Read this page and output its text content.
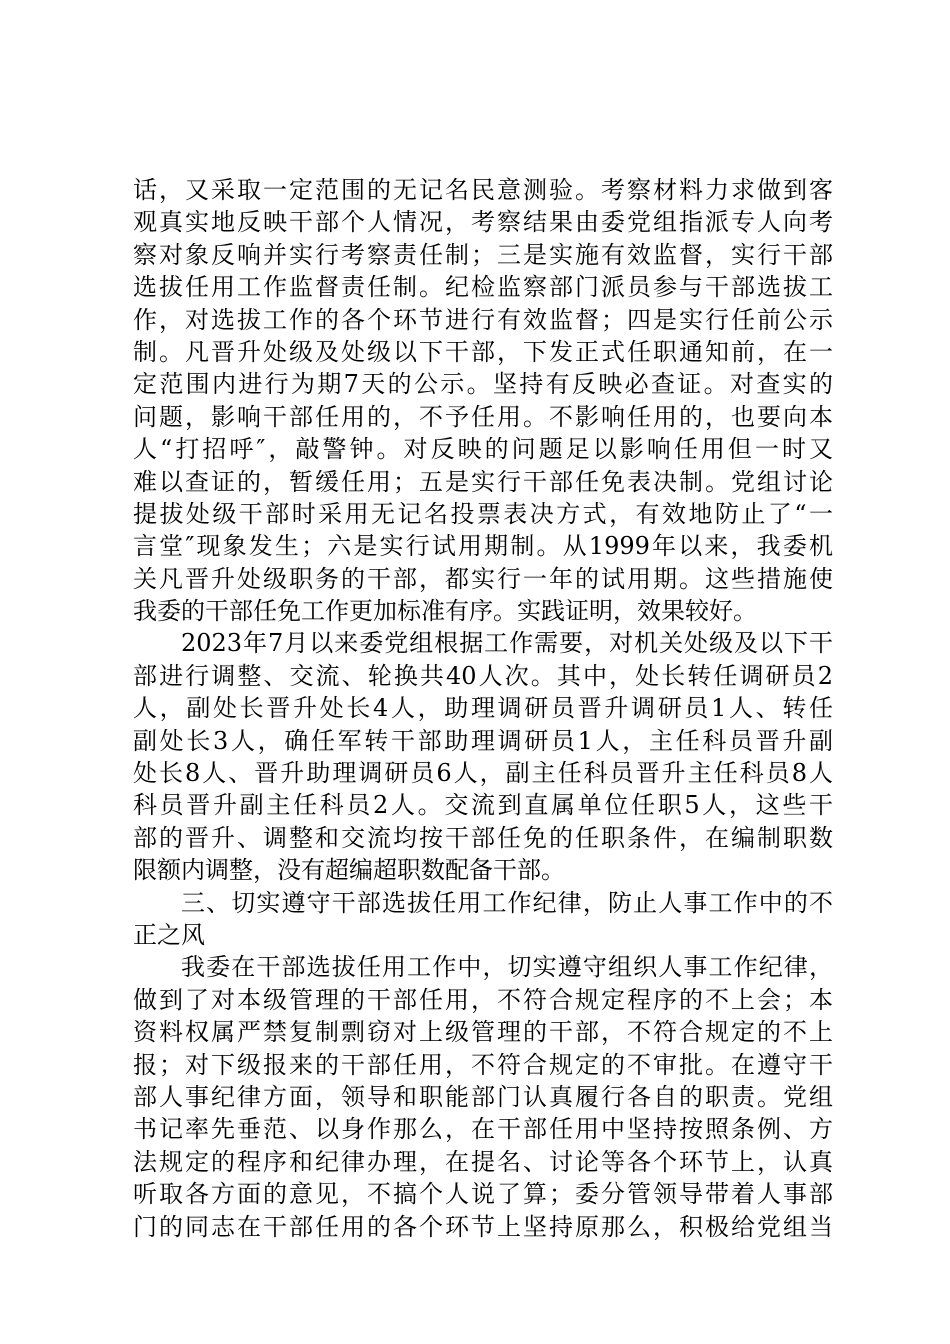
话，又采取一定范围的无记名民意测验。考察材料力求做到客
观真实地反映干部个人情况，考察结果由委党组指派专人向考
察对象反响并实行考察责任制；三是实施有效监督，实行干部
选拔任用工作监督责任制。纪检监察部门派员参与干部选拔工
作，对选拔工作的各个环节进行有效监督；四是实行任前公示
制。凡晋升处级及处级以下干部，下发正式任职通知前，在一
定范围内进行为期7天的公示。坚持有反映必查证。对查实的
问题，影响干部任用的，不予任用。不影响任用的，也要向本
人“打招呼″，敲警钟。对反映的问题足以影响任用但一时又
难以查证的，暂缓任用；五是实行干部任免表决制。党组讨论
提拔处级干部时采用无记名投票表决方式，有效地防止了“一
言堂″现象发生；六是实行试用期制。从1999年以来，我委机
关凡晋升处级职务的干部，都实行一年的试用期。这些措施使
我委的干部任免工作更加标准有序。实践证明，效果较好。
2023年7月以来委党组根据工作需要，对机关处级及以下干
部进行调整、交流、轮换共40人次。其中，处长转任调研员2
人，副处长晋升处长4人，助理调研员晋升调研员1人、转任
副处长3人，确任军转干部助理调研员1人，主任科员晋升副
处长8人、晋升助理调研员6人，副主任科员晋升主任科员8人
科员晋升副主任科员2人。交流到直属单位任职5人，这些干
部的晋升、调整和交流均按干部任免的任职条件，在编制职数
限额内调整，没有超编超职数配备干部。
三、切实遵守干部选拔任用工作纪律，防止人事工作中的不
正之风
我委在干部选拔任用工作中，切实遵守组织人事工作纪律，
做到了对本级管理的干部任用，不符合规定程序的不上会；本
资料权属严禁复制剽窃对上级管理的干部，不符合规定的不上
报；对下级报来的干部任用，不符合规定的不审批。在遵守干
部人事纪律方面，领导和职能部门认真履行各自的职责。党组
书记率先垂范、以身作那么，在干部任用中坚持按照条例、方
法规定的程序和纪律办理，在提名、讨论等各个环节上，认真
听取各方面的意见，不搞个人说了算；委分管领导带着人事部
门的同志在干部任用的各个环节上坚持原那么，积极给党组当
